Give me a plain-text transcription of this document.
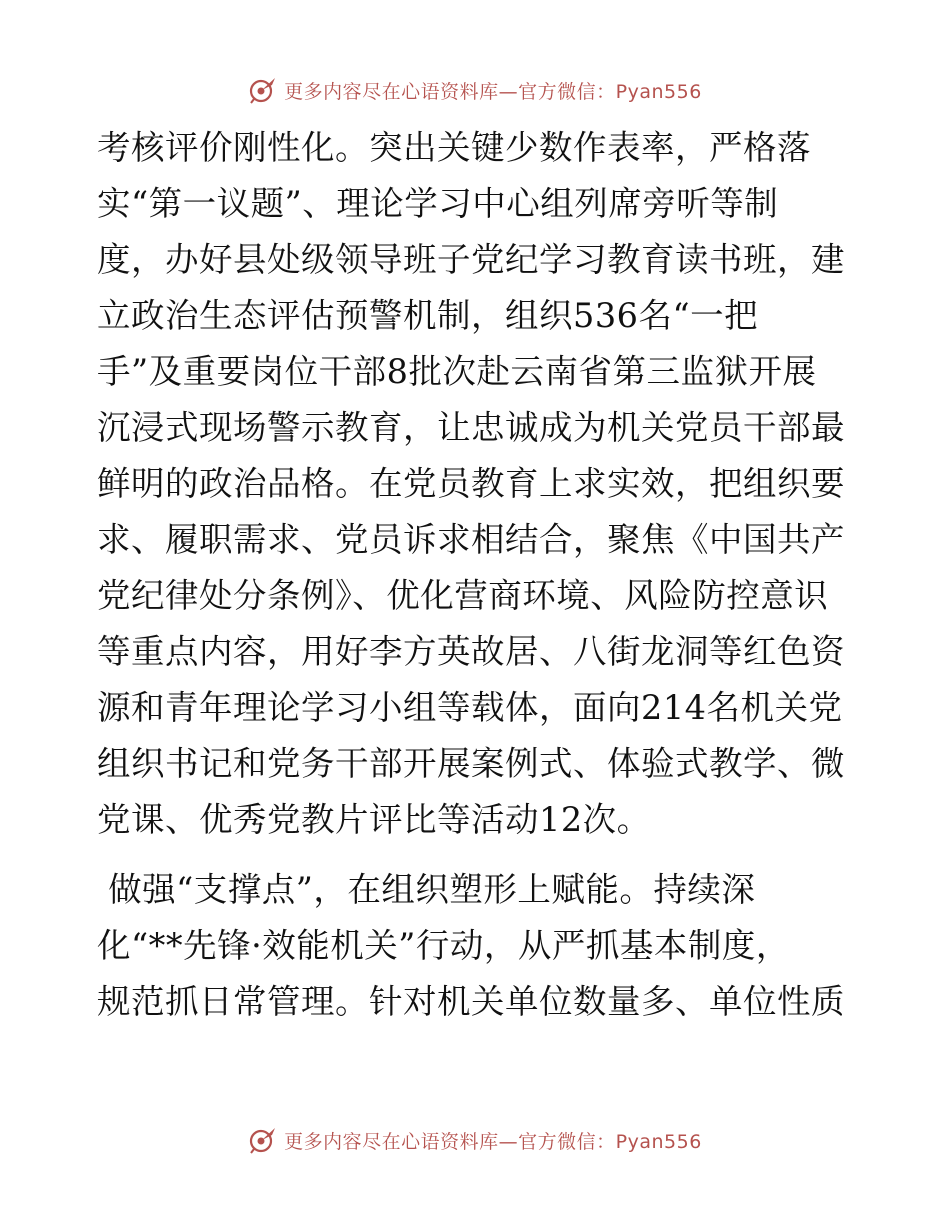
更多内容尽在心语资料库—官方微信：Pyan556
考核评价刚性化。突出关键少数作表率，严格落
实“第一议题”、理论学习中心组列席旁听等制
度，办好县处级领导班子党纪学习教育读书班，建
立政治生态评估预警机制，组织536名“一把
手”及重要岗位干部8批次赴云南省第三监狱开展
沉浸式现场警示教育，让忠诚成为机关党员干部最
鲜明的政治品格。在党员教育上求实效，把组织要
求、履职需求、党员诉求相结合，聚焦《中国共产
党纪律处分条例》、优化营商环境、风险防控意识
等重点内容，用好李方英故居、八街龙洞等红色资
源和青年理论学习小组等载体，面向214名机关党
组织书记和党务干部开展案例式、体验式教学、微
党课、优秀党教片评比等活动12次。
做强“支撑点”，在组织塑形上赋能。持续深
化“**先锋·效能机关”行动，从严抓基本制度，
规范抓日常管理。针对机关单位数量多、单位性质
更多内容尽在心语资料库—官方微信：Pyan556
